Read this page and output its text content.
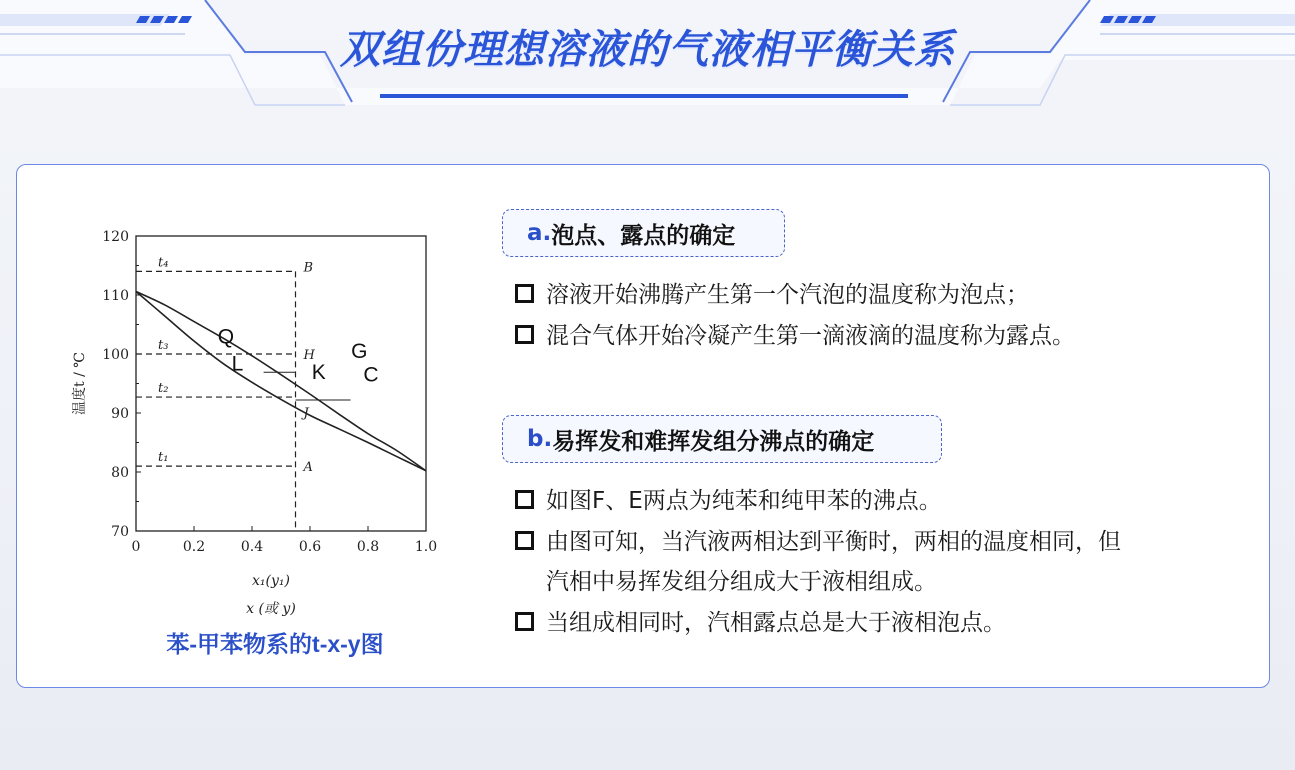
双组份理想溶液的气液相平衡关系
0	0.2	0.4	0.6	0.8	1.0
70
80
90
100
110
120
温度t / ℃
x₁(y₁)
x (或 y)
t₄	B
t₃
H
t₂
J
t₁
A
Q
L	K
G
C
苯-甲苯物系的t-x-y图
a. 泡点、露点的确定
溶液开始沸腾产生第一个汽泡的温度称为泡点；
混合气体开始冷凝产生第一滴液滴的温度称为露点。
b. 易挥发和难挥发组分沸点的确定
如图F、E两点为纯苯和纯甲苯的沸点。
由图可知，当汽液两相达到平衡时，两相的温度相同，但
汽相中易挥发组分组成大于液相组成。
当组成相同时，汽相露点总是大于液相泡点。
